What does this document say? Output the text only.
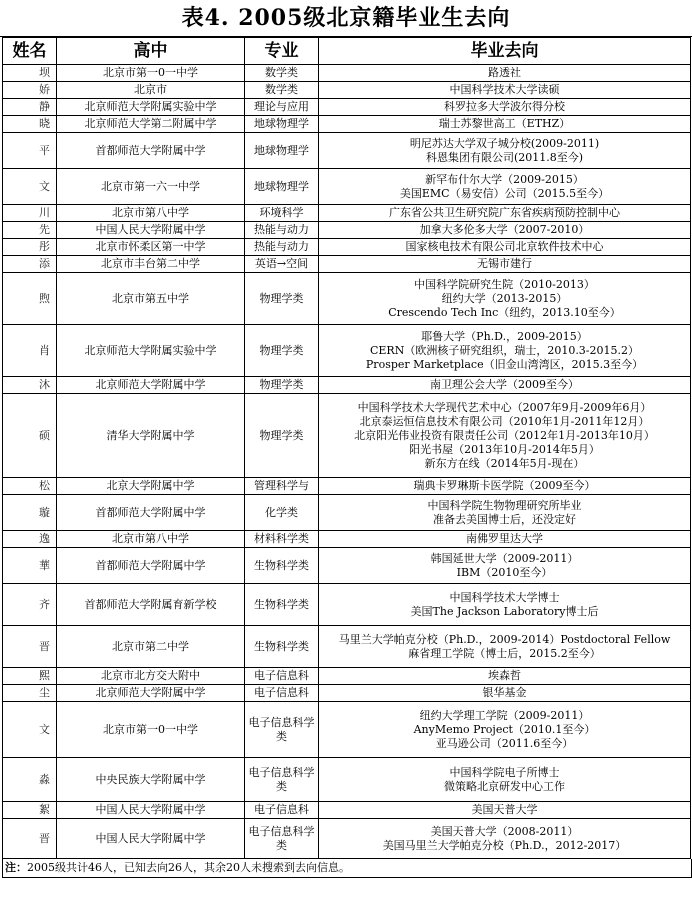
表4. 2005级北京籍毕业生去向
姓名	高中	专业	毕业去向
坝	北京市第一0一中学	数学类	路透社

娇	北京市	数学类	中国科学技术大学读硕

静	北京师范大学附属实验中学	理论与应用	科罗拉多大学波尔得分校

晓	北京师范大学第二附属中学	地球物理学	瑞士苏黎世高工（ETHZ）

平	首都师范大学附属中学	地球物理学	明尼苏达大学双子城分校(2009-2011)
科恩集团有限公司(2011.8至今)

文	北京市第一六一中学	地球物理学	新罕布什尔大学（2009-2015）
美国EMC（易安信）公司（2015.5至今）

川	北京市第八中学	环境科学	广东省公共卫生研究院广东省疾病预防控制中心

先	中国人民大学附属中学	热能与动力	加拿大多伦多大学（2007-2010）

彤	北京市怀柔区第一中学	热能与动力	国家核电技术有限公司北京软件技术中心

添	北京市丰台第二中学	英语→空间	无锡市建行

煦	北京市第五中学	物理学类	中国科学院研究生院（2010-2013）
纽约大学（2013-2015）
Crescendo Tech Inc（纽约，2013.10至今）

肖	北京师范大学附属实验中学	物理学类	耶鲁大学（Ph.D.，2009-2015）
CERN（欧洲核子研究组织，瑞士，2010.3-2015.2）
Prosper Marketplace（旧金山湾湾区，2015.3至今）

沐	北京师范大学附属中学	物理学类	南卫理公会大学（2009至今）

硕	清华大学附属中学	物理学类	中国科学技术大学现代艺术中心（2007年9月-2009年6月）
北京泰运恒信息技术有限公司（2010年1月-2011年12月）
北京阳光伟业投资有限责任公司（2012年1月-2013年10月）
阳光书屋（2013年10月-2014年5月）
新东方在线（2014年5月-现在）

松	北京大学附属中学	管理科学与	瑞典卡罗琳斯卡医学院（2009至今）

璇	首都师范大学附属中学	化学类	中国科学院生物物理研究所毕业
准备去美国博士后，还没定好

逸	北京市第八中学	材料科学类	南佛罗里达大学

華	首都师范大学附属中学	生物科学类	韩国延世大学（2009-2011）
IBM（2010至今）

齐	首都师范大学附属育新学校	生物科学类	中国科学技术大学博士
美国The Jackson Laboratory博士后

晋	北京市第二中学	生物科学类	马里兰大学帕克分校（Ph.D.，2009-2014）Postdoctoral Fellow
麻省理工学院（博士后，2015.2至今）

熙	北京市北方交大附中	电子信息科	埃森哲

尘	北京师范大学附属中学	电子信息科	银华基金

文	北京市第一0一中学	电子信息科学类	纽约大学理工学院（2009-2011）
AnyMemo Project（2010.1至今）
亚马逊公司（2011.6至今）

淼	中央民族大学附属中学	电子信息科学类	中国科学院电子所博士
微策略北京研发中心工作

絮	中国人民大学附属中学	电子信息科	美国天普大学

晋	中国人民大学附属中学	电子信息科学类	美国天普大学（2008-2011）
美国马里兰大学帕克分校（Ph.D.，2012-2017）
注：2005级共计46人，已知去向26人，其余20人未搜索到去向信息。
